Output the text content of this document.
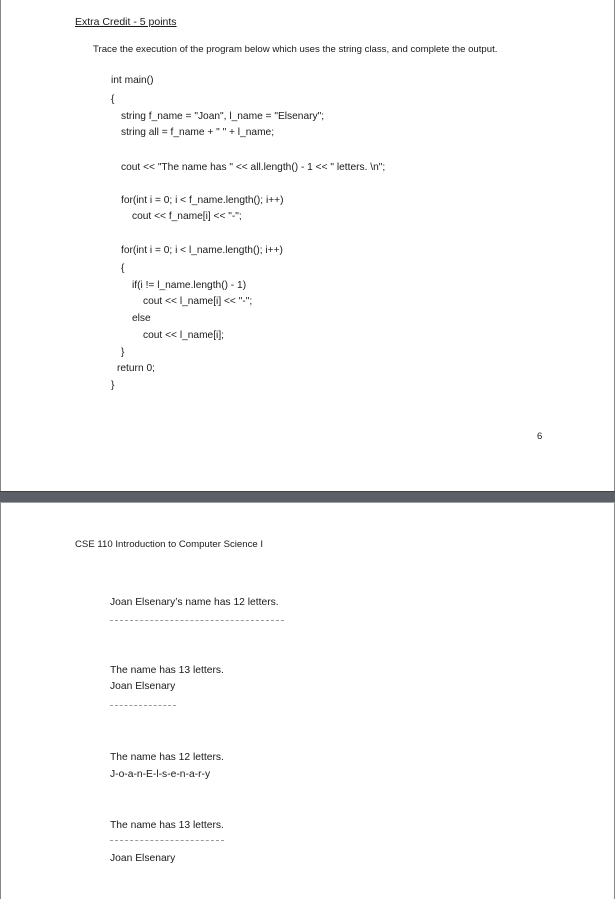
Extra Credit - 5 points
Trace the execution of the program below which uses the string class, and complete the output.
int main()
{
string f_name = "Joan", l_name = "Elsenary";
string all = f_name + " " + l_name;
cout << "The name has " << all.length() - 1 << " letters. \n";
for(int i = 0; i < f_name.length(); i++)
cout << f_name[i] << "-";
for(int i = 0; i < l_name.length(); i++)
{
if(i != l_name.length() - 1)
cout << l_name[i] << "-";
else
cout << l_name[i];
}
return 0;
}
6
CSE 110 Introduction to Computer Science I
Joan Elsenary’s name has 12 letters.
The name has 13 letters.
Joan Elsenary
The name has 12 letters.
J-o-a-n-E-l-s-e-n-a-r-y
The name has 13 letters.
Joan Elsenary
